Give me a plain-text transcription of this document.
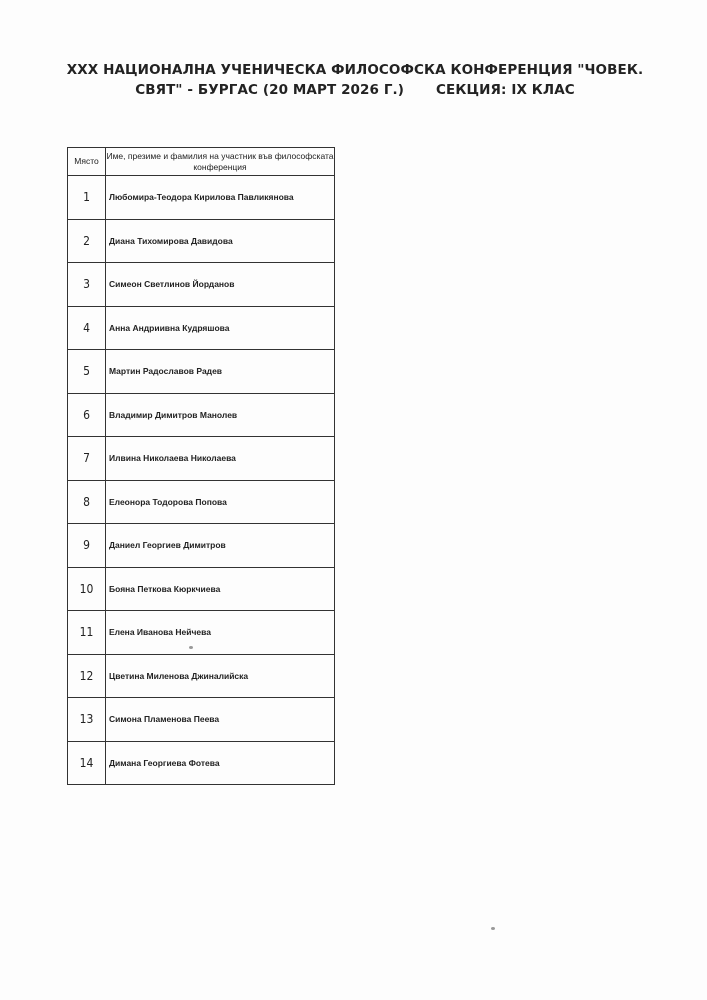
XXX НАЦИОНАЛНА УЧЕНИЧЕСКА ФИЛОСОФСКА КОНФЕРЕНЦИЯ "ЧОВЕК.
СВЯТ" - БУРГАС (20 МАРТ 2026 Г.) СЕКЦИЯ: IX КЛАС
Място	Име, презиме и фамилия на участник във философската конференция
1	Любомира-Теодора Кирилова Павликянова
2	Диана Тихомирова Давидова
3	Симеон Светлинов Йорданов
4	Анна Андриивна Кудряшова
5	Мартин Радославов Радев
6	Владимир Димитров Манолев
7	Илвина Николаева Николаева
8	Елеонора Тодорова Попова
9	Даниел Георгиев Димитров
10	Бояна Петкова Кюркчиева
11	Елена Иванова Нейчева
12	Цветина Миленова Джиналийска
13	Симона Пламенова Пеева
14	Димана Георгиева Фотева
